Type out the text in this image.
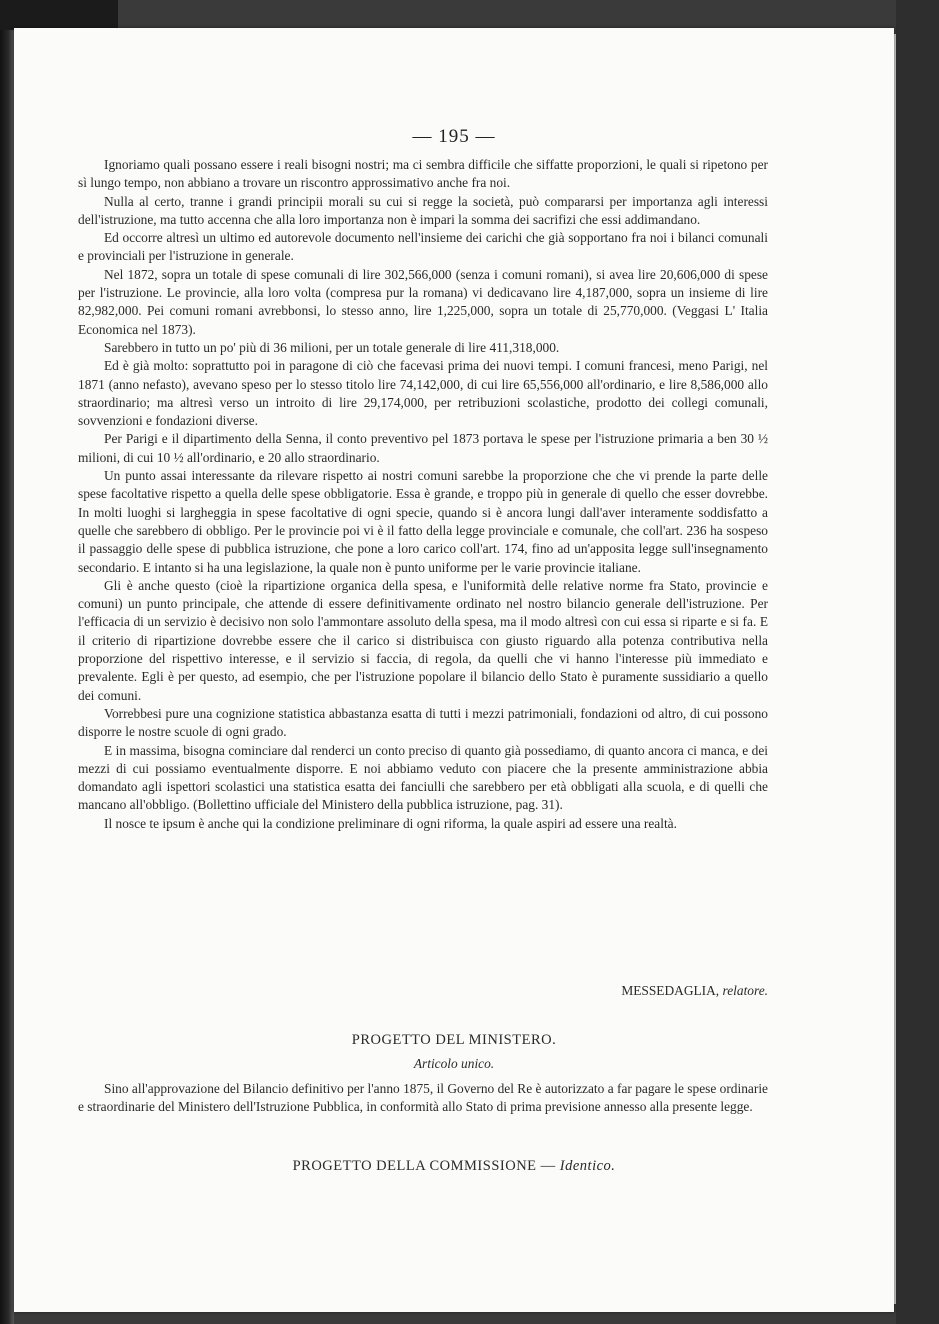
— 195 —

Ignoriamo quali possano essere i reali bisogni nostri; ma ci sembra difficile che siffatte proporzioni, le quali si ripetono per sì lungo tempo, non abbiano a trovare un riscontro approssimativo anche fra noi.

Nulla al certo, tranne i grandi principii morali su cui si regge la società, può compararsi per importanza agli interessi dell'istruzione, ma tutto accenna che alla loro importanza non è impari la somma dei sacrifizi che essi addimandano.

Ed occorre altresì un ultimo ed autorevole documento nell'insieme dei carichi che già sopportano fra noi i bilanci comunali e provinciali per l'istruzione in generale.

Nel 1872, sopra un totale di spese comunali di lire 302,566,000 (senza i comuni romani), si avea lire 20,606,000 di spese per l'istruzione. Le provincie, alla loro volta (compresa pur la romana) vi dedicavano lire 4,187,000, sopra un insieme di lire 82,982,000. Pei comuni romani avrebbonsi, lo stesso anno, lire 1,225,000, sopra un totale di 25,770,000. (Veggasi L' Italia Economica nel 1873).

Sarebbero in tutto un po' più di 36 milioni, per un totale generale di lire 411,318,000.

Ed è già molto: soprattutto poi in paragone di ciò che facevasi prima dei nuovi tempi. I comuni francesi, meno Parigi, nel 1871 (anno nefasto), avevano speso per lo stesso titolo lire 74,142,000, di cui lire 65,556,000 all'ordinario, e lire 8,586,000 allo straordinario; ma altresì verso un introito di lire 29,174,000, per retribuzioni scolastiche, prodotto dei collegi comunali, sovvenzioni e fondazioni diverse.

Per Parigi e il dipartimento della Senna, il conto preventivo pel 1873 portava le spese per l'istruzione primaria a ben 30 ½ milioni, di cui 10 ½ all'ordinario, e 20 allo straordinario.

Un punto assai interessante da rilevare rispetto ai nostri comuni sarebbe la proporzione che che vi prende la parte delle spese facoltative rispetto a quella delle spese obbligatorie. Essa è grande, e troppo più in generale di quello che esser dovrebbe. In molti luoghi si largheggia in spese facoltative di ogni specie, quando si è ancora lungi dall'aver interamente soddisfatto a quelle che sarebbero di obbligo. Per le provincie poi vi è il fatto della legge provinciale e comunale, che coll'art. 236 ha sospeso il passaggio delle spese di pubblica istruzione, che pone a loro carico coll'art. 174, fino ad un'apposita legge sull'insegnamento secondario. E intanto si ha una legislazione, la quale non è punto uniforme per le varie provincie italiane.

Gli è anche questo (cioè la ripartizione organica della spesa, e l'uniformità delle relative norme fra Stato, provincie e comuni) un punto principale, che attende di essere definitivamente ordinato nel nostro bilancio generale dell'istruzione. Per l'efficacia di un servizio è decisivo non solo l'ammontare assoluto della spesa, ma il modo altresì con cui essa si riparte e si fa. E il criterio di ripartizione dovrebbe essere che il carico si distribuisca con giusto riguardo alla potenza contributiva nella proporzione del rispettivo interesse, e il servizio si faccia, di regola, da quelli che vi hanno l'interesse più immediato e prevalente. Egli è per questo, ad esempio, che per l'istruzione popolare il bilancio dello Stato è puramente sussidiario a quello dei comuni.

Vorrebbesi pure una cognizione statistica abbastanza esatta di tutti i mezzi patrimoniali, fondazioni od altro, di cui possono disporre le nostre scuole di ogni grado.

E in massima, bisogna cominciare dal renderci un conto preciso di quanto già possediamo, di quanto ancora ci manca, e dei mezzi di cui possiamo eventualmente disporre. E noi abbiamo veduto con piacere che la presente amministrazione abbia domandato agli ispettori scolastici una statistica esatta dei fanciulli che sarebbero per età obbligati alla scuola, e di quelli che mancano all'obbligo. (Bollettino ufficiale del Ministero della pubblica istruzione, pag. 31).

Il nosce te ipsum è anche qui la condizione preliminare di ogni riforma, la quale aspiri ad essere una realtà.

MESSEDAGLIA, relatore.
PROGETTO DEL MINISTERO.
Articolo unico.

Sino all'approvazione del Bilancio definitivo per l'anno 1875, il Governo del Re è autorizzato a far pagare le spese ordinarie e straordinarie del Ministero dell'Istruzione Pubblica, in conformità allo Stato di prima previsione annesso alla presente legge.

PROGETTO DELLA COMMISSIONE — Identico.
